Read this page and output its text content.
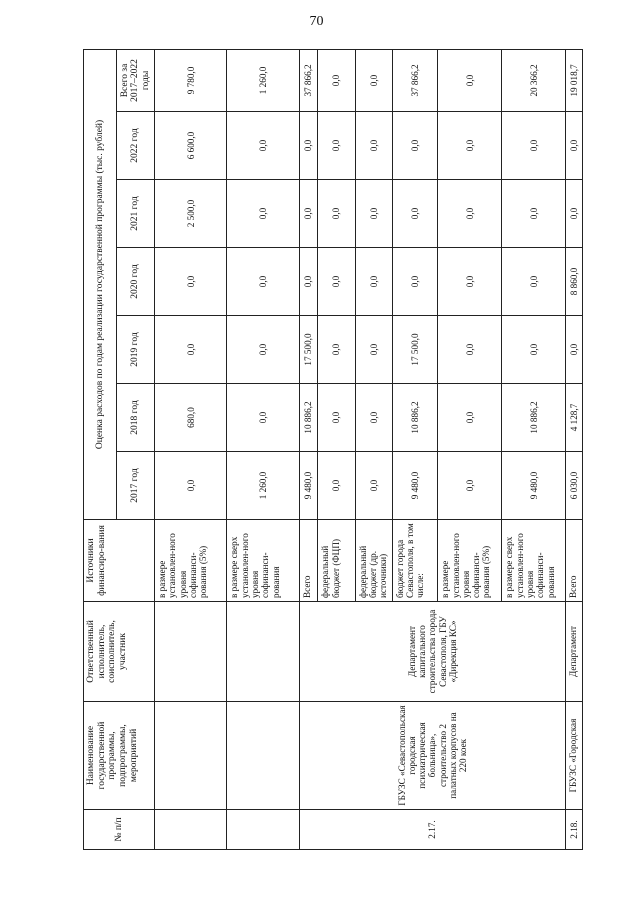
70
№ п/п	Наименование государственной программы, подпрограммы, мероприятий	Ответственный исполнитель, соисполнитель, участник	Источники финансиро-вания	Оценка расходов по годам реализации государственной программы (тыс. рублей)						
				2017 год	2018 год	2019 год	2020 год	2021 год	2022 год	Всего за 2017–2022 годы
			в размере установлен-ного уровня софинанси-рования (5%)	0,0	680,0	0,0	0,0	2 500,0	6 600,0	9 780,0
			в размере сверх установлен-ного уровня софинанси-рования	1 260,0	0,0	0,0	0,0	0,0	0,0	1 260,0
2.17.	ГБУЗС «Севастопольская городская психиатрическая больница», строительство 2 палатных корпусов на 220 коек	Департамент капитального строительства города Севастополя, ГБУ «Дирекция КС»	Всего	9 480,0	10 886,2	17 500,0	0,0	0,0	0,0	37 866,2
			федеральный бюджет (ФЦП)	0,0	0,0	0,0	0,0	0,0	0,0	0,0
			федеральный бюджет (др. источники)	0,0	0,0	0,0	0,0	0,0	0,0	0,0
			бюджет города Севастополя, в том числе:	9 480,0	10 886,2	17 500,0	0,0	0,0	0,0	37 866,2
			в размере установлен-ного уровня софинанси-рования (5%)	0,0	0,0	0,0	0,0	0,0	0,0	0,0
			в размере сверх установлен-ного уровня софинанси-рования	9 480,0	10 886,2	0,0	0,0	0,0	0,0	20 366,2
2.18.	ГБУЗС «Городская	Департамент	Всего	6 030,0	4 128,7	0,0	8 860,0	0,0	0,0	19 018,7
